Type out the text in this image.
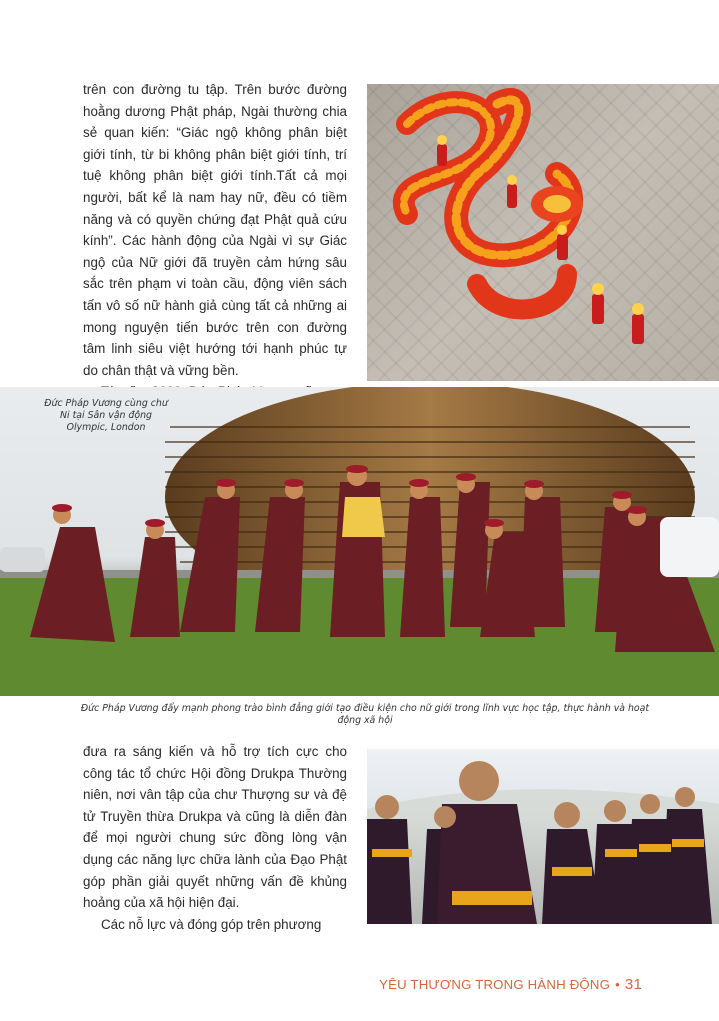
trên con đường tu tập. Trên bước đường hoằng dương Phật pháp, Ngài thường chia sẻ quan kiến: “Giác ngộ không phân biệt giới tính, từ bi không phân biệt giới tính, trí tuệ không phân biệt giới tính.Tất cả mọi người, bất kể là nam hay nữ, đều có tiềm năng và có quyền chứng đạt Phật quả cứu kính”. Các hành động của Ngài vì sự Giác ngộ của Nữ giới đã truyền cảm hứng sâu sắc trên phạm vi toàn cầu, động viên sách tấn vô số nữ hành giả cùng tất cả những ai mong nguyện tiến bước trên con đường tâm linh siêu việt hướng tới hạnh phúc tự do chân thật và vững bền.

Đức Pháp Vương cùng chư Ni tại Sân vận động Olympic, London
Đức Pháp Vương đẩy mạnh phong trào bình đẳng giới tạo điều kiện cho nữ giới trong lĩnh vực học tập, thực hành và hoạt động xã hội

đưa ra sáng kiến và hỗ trợ tích cực cho công tác tổ chức Hội đồng Drukpa Thường niên, nơi vân tập của chư Thượng sư và đệ tử Truyền thừa Drukpa và cũng là diễn đàn để mọi người chung sức đồng lòng vận dụng các năng lực chữa lành của Đạo Phật góp phần giải quyết những vấn đề khủng hoảng của xã hội hiện đại.

Các nỗ lực và đóng góp trên phương

YÊU THƯƠNG TRONG HÀNH ĐỘNG • 31
